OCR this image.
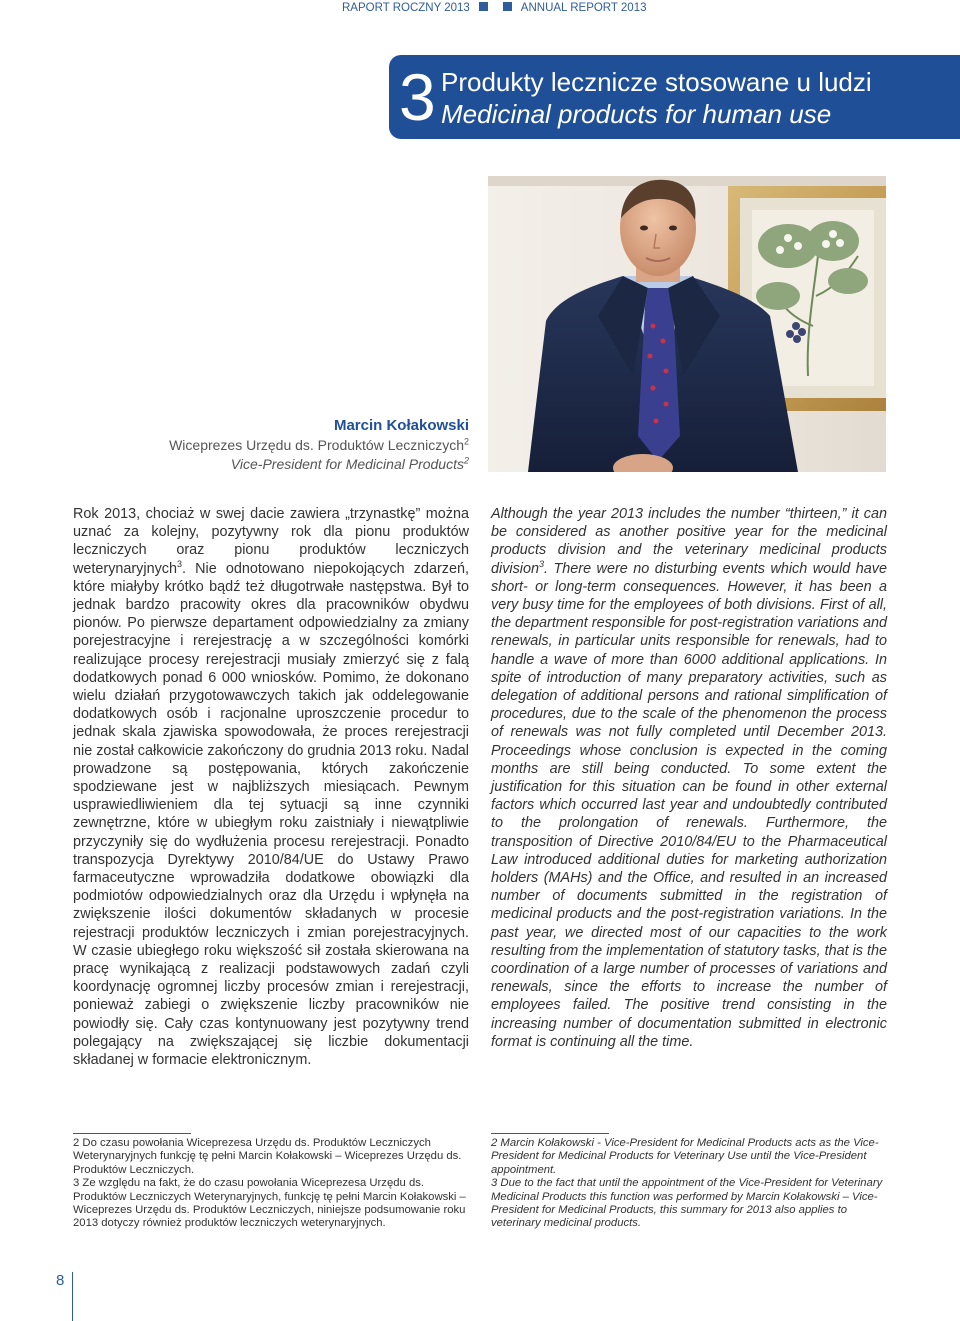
RAPORT ROCZNY 2013	ANNUAL REPORT 2013
3 Produkty lecznicze stosowane u ludzi
Medicinal products for human use
Marcin Kołakowski
Wiceprezes Urzędu ds. Produktów Leczniczych$^2$
Vice-President for Medicinal Products$^2$
Rok 2013, chociaż w swej dacie zawiera „trzynastkę” można uznać za kolejny, pozytywny rok dla pionu produktów leczniczych oraz pionu produktów leczniczych weterynaryjnych$^3$. Nie odnotowano niepokojących zdarzeń, które miałyby krótko bądź też długotrwałe następstwa. Był to jednak bardzo pracowity okres dla pracowników obydwu pionów. Po pierwsze departament odpowiedzialny za zmiany porejestracyjne i rerejestrację a w szczególności komórki realizujące procesy rerejestracji musiały zmierzyć się z falą dodatkowych ponad 6 000 wniosków. Pomimo, że dokonano wielu działań przygotowawczych takich jak oddelegowanie dodatkowych osób i racjonalne uproszczenie procedur to jednak skala zjawiska spowodowała, że proces rerejestracji nie został całkowicie zakończony do grudnia 2013 roku. Nadal prowadzone są postępowania, których zakończenie spodziewane jest w najbliższych miesiącach. Pewnym usprawiedliwieniem dla tej sytuacji są inne czynniki zewnętrzne, które w ubiegłym roku zaistniały i niewątpliwie przyczyniły się do wydłużenia procesu rerejestracji. Ponadto transpozycja Dyrektywy 2010/84/UE do Ustawy Prawo farmaceutyczne wprowadziła dodatkowe obowiązki dla podmiotów odpowiedzialnych oraz dla Urzędu i wpłynęła na zwiększenie ilości dokumentów składanych w procesie rejestracji produktów leczniczych i zmian porejestracyjnych. W czasie ubiegłego roku większość sił została skierowana na pracę wynikającą z realizacji podstawowych zadań czyli koordynację ogromnej liczby procesów zmian i rerejestracji, ponieważ zabiegi o zwiększenie liczby pracowników nie powiodły się. Cały czas kontynuowany jest pozytywny trend polegający na zwiększającej się liczbie dokumentacji składanej w formacie elektronicznym.
Although the year 2013 includes the number “thirteen,” it can be considered as another positive year for the medicinal products division and the veterinary medicinal products division$^3$. There were no disturbing events which would have short- or long-term consequences. However, it has been a very busy time for the employees of both divisions. First of all, the department responsible for post-registration variations and renewals, in particular units responsible for renewals, had to handle a wave of more than 6000 additional applications. In spite of introduction of many preparatory activities, such as delegation of additional persons and rational simplification of procedures, due to the scale of the phenomenon the process of renewals was not fully completed until December 2013. Proceedings whose conclusion is expected in the coming months are still being conducted. To some extent the justification for this situation can be found in other external factors which occurred last year and undoubtedly contributed to the prolongation of renewals. Furthermore, the transposition of Directive 2010/84/EU to the Pharmaceutical Law introduced additional duties for marketing authorization holders (MAHs) and the Office, and resulted in an increased number of documents submitted in the registration of medicinal products and the post-registration variations. In the past year, we directed most of our capacities to the work resulting from the implementation of statutory tasks, that is the coordination of a large number of processes of variations and renewals, since the efforts to increase the number of employees failed. The positive trend consisting in the increasing number of documentation submitted in electronic format is continuing all the time.

2 Do czasu powołania Wiceprezesa Urzędu ds. Produktów Leczniczych Weterynaryjnych funkcję tę pełni Marcin Kołakowski – Wiceprezes Urzędu ds. Produktów Leczniczych.

3 Ze względu na fakt, że do czasu powołania Wiceprezesa Urzędu ds. Produktów Leczniczych Weterynaryjnych, funkcję tę pełni Marcin Kołakowski – Wiceprezes Urzędu ds. Produktów Leczniczych, niniejsze podsumowanie roku 2013 dotyczy również produktów leczniczych weterynaryjnych.

2 Marcin Kołakowski - Vice-President for Medicinal Products acts as the Vice-President for Medicinal Products for Veterinary Use until the Vice-President appointment.

3 Due to the fact that until the appointment of the Vice-President for Veterinary Medicinal Products this function was performed by Marcin Kołakowski – Vice-President for Medicinal Products, this summary for 2013 also applies to veterinary medicinal products.

8
